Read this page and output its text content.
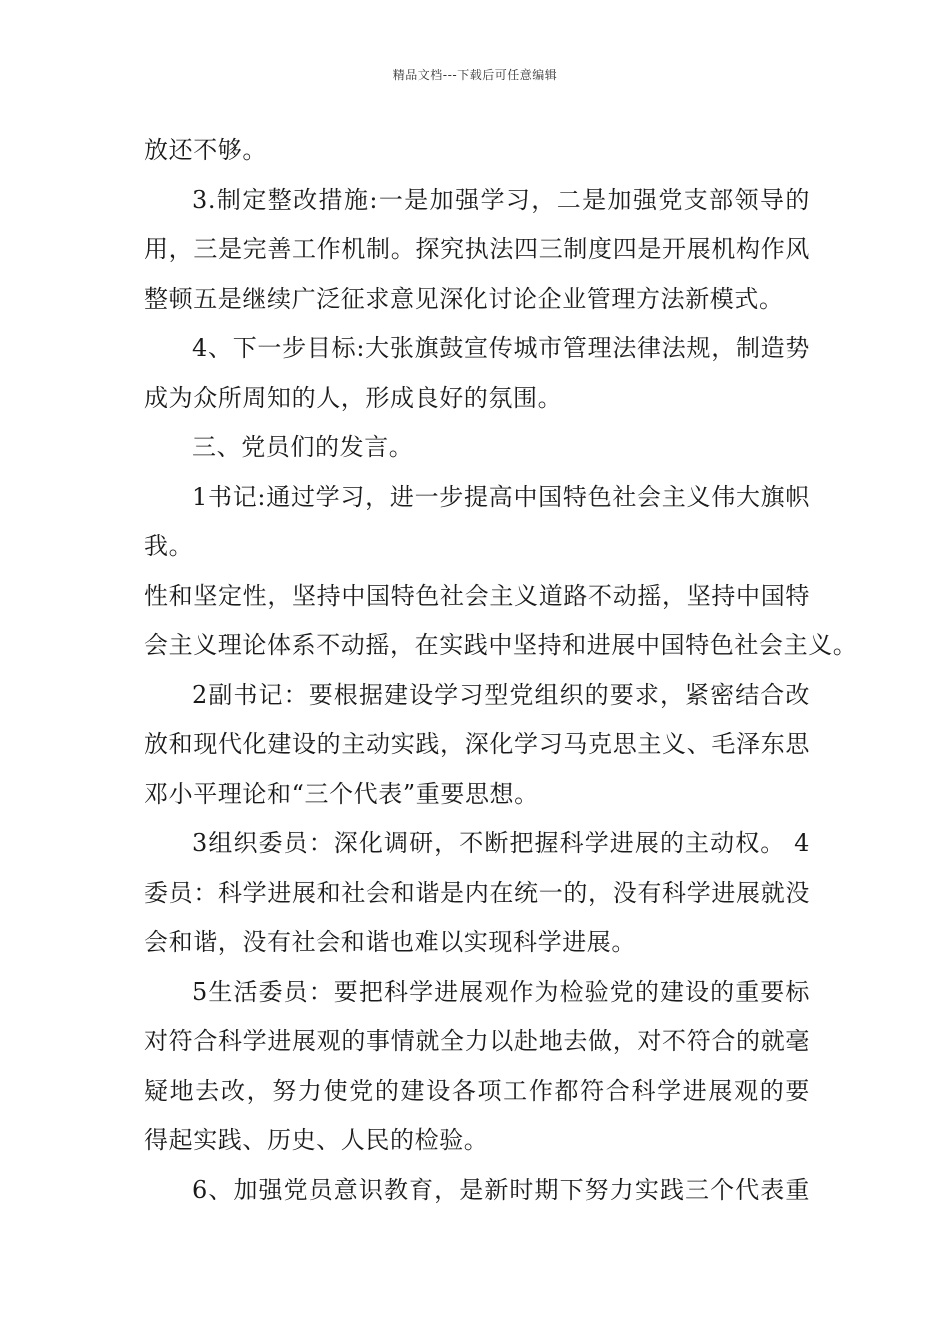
精品文档---下载后可任意编辑
放还不够。
3.制定整改措施:一是加强学习，二是加强党支部领导的
用，三是完善工作机制。探究执法四三制度四是开展机构作风
整顿五是继续广泛征求意见深化讨论企业管理方法新模式。
4、下一步目标:大张旗鼓宣传城市管理法律法规，制造势
成为众所周知的人，形成良好的氛围。
三、党员们的发言。
1书记:通过学习，进一步提高中国特色社会主义伟大旗帜
我。
性和坚定性，坚持中国特色社会主义道路不动摇，坚持中国特
会主义理论体系不动摇，在实践中坚持和进展中国特色社会主义。
2副书记：要根据建设学习型党组织的要求，紧密结合改
放和现代化建设的主动实践，深化学习马克思主义、毛泽东思
邓小平理论和“三个代表”重要思想。
3组织委员：深化调研，不断把握科学进展的主动权。 4
委员：科学进展和社会和谐是内在统一的，没有科学进展就没
会和谐，没有社会和谐也难以实现科学进展。
5生活委员：要把科学进展观作为检验党的建设的重要标
对符合科学进展观的事情就全力以赴地去做，对不符合的就毫
疑地去改，努力使党的建设各项工作都符合科学进展观的要
得起实践、历史、人民的检验。
6、加强党员意识教育，是新时期下努力实践三个代表重
